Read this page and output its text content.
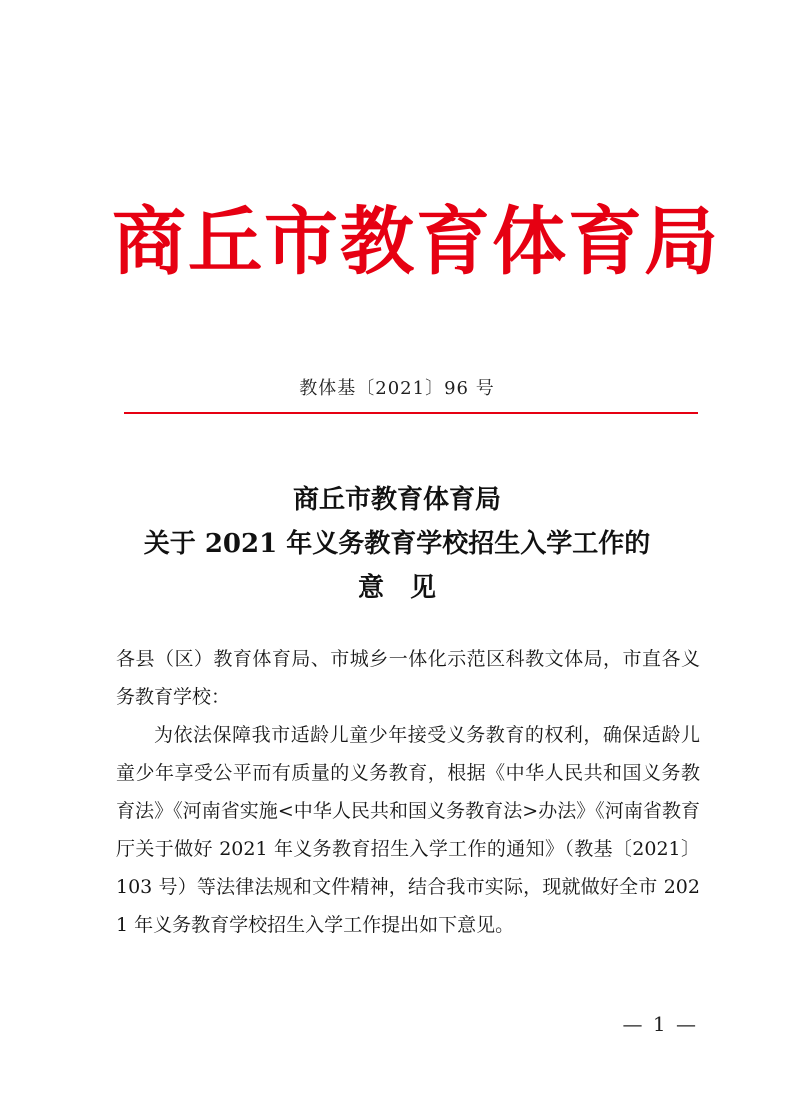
商丘市教育体育局
教体基〔2021〕96 号
商丘市教育体育局
关于 2021 年义务教育学校招生入学工作的
意见

各县（区）教育体育局、市城乡一体化示范区科教文体局，市直各义务教育学校：

为依法保障我市适龄儿童少年接受义务教育的权利，确保适龄儿童少年享受公平而有质量的义务教育，根据《中华人民共和国义务教育法》《河南省实施<中华人民共和国义务教育法>办法》《河南省教育厅关于做好 2021 年义务教育招生入学工作的通知》（教基〔2021〕103 号）等法律法规和文件精神，结合我市实际，现就做好全市 2021 年义务教育学校招生入学工作提出如下意见。

— 1 —
